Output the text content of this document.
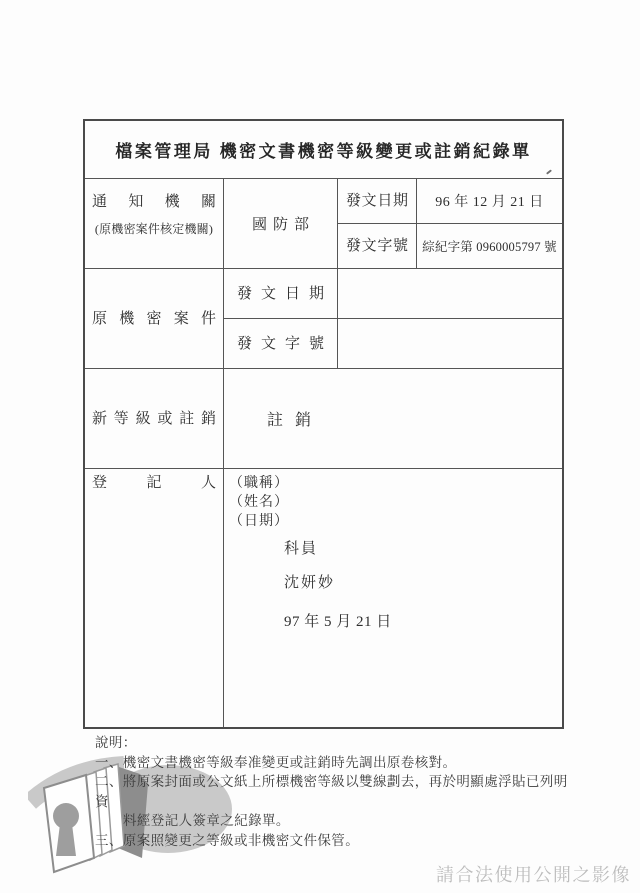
檔案管理局 機密文書機密等級變更或註銷紀錄單
通知機關
(原機密案件核定機關)	國防部
發文日期 96 年 12 月 21 日
發文字號 綜紀字第 0960005797 號
原機密案件
發文日期
發文字號
新等級或註銷	註銷
登記人 （職稱）
（姓名）
（日期）
科員
沈妍妙
97 年 5 月 21 日
說明：
一、機密文書機密等級奉准變更或註銷時先調出原卷核對。
二、將原案封面或公文紙上所標機密等級以雙線劃去，再於明顯處浮貼已列明資
料經登記人簽章之紀錄單。
三、原案照變更之等級或非機密文件保管。
請合法使用公開之影像
